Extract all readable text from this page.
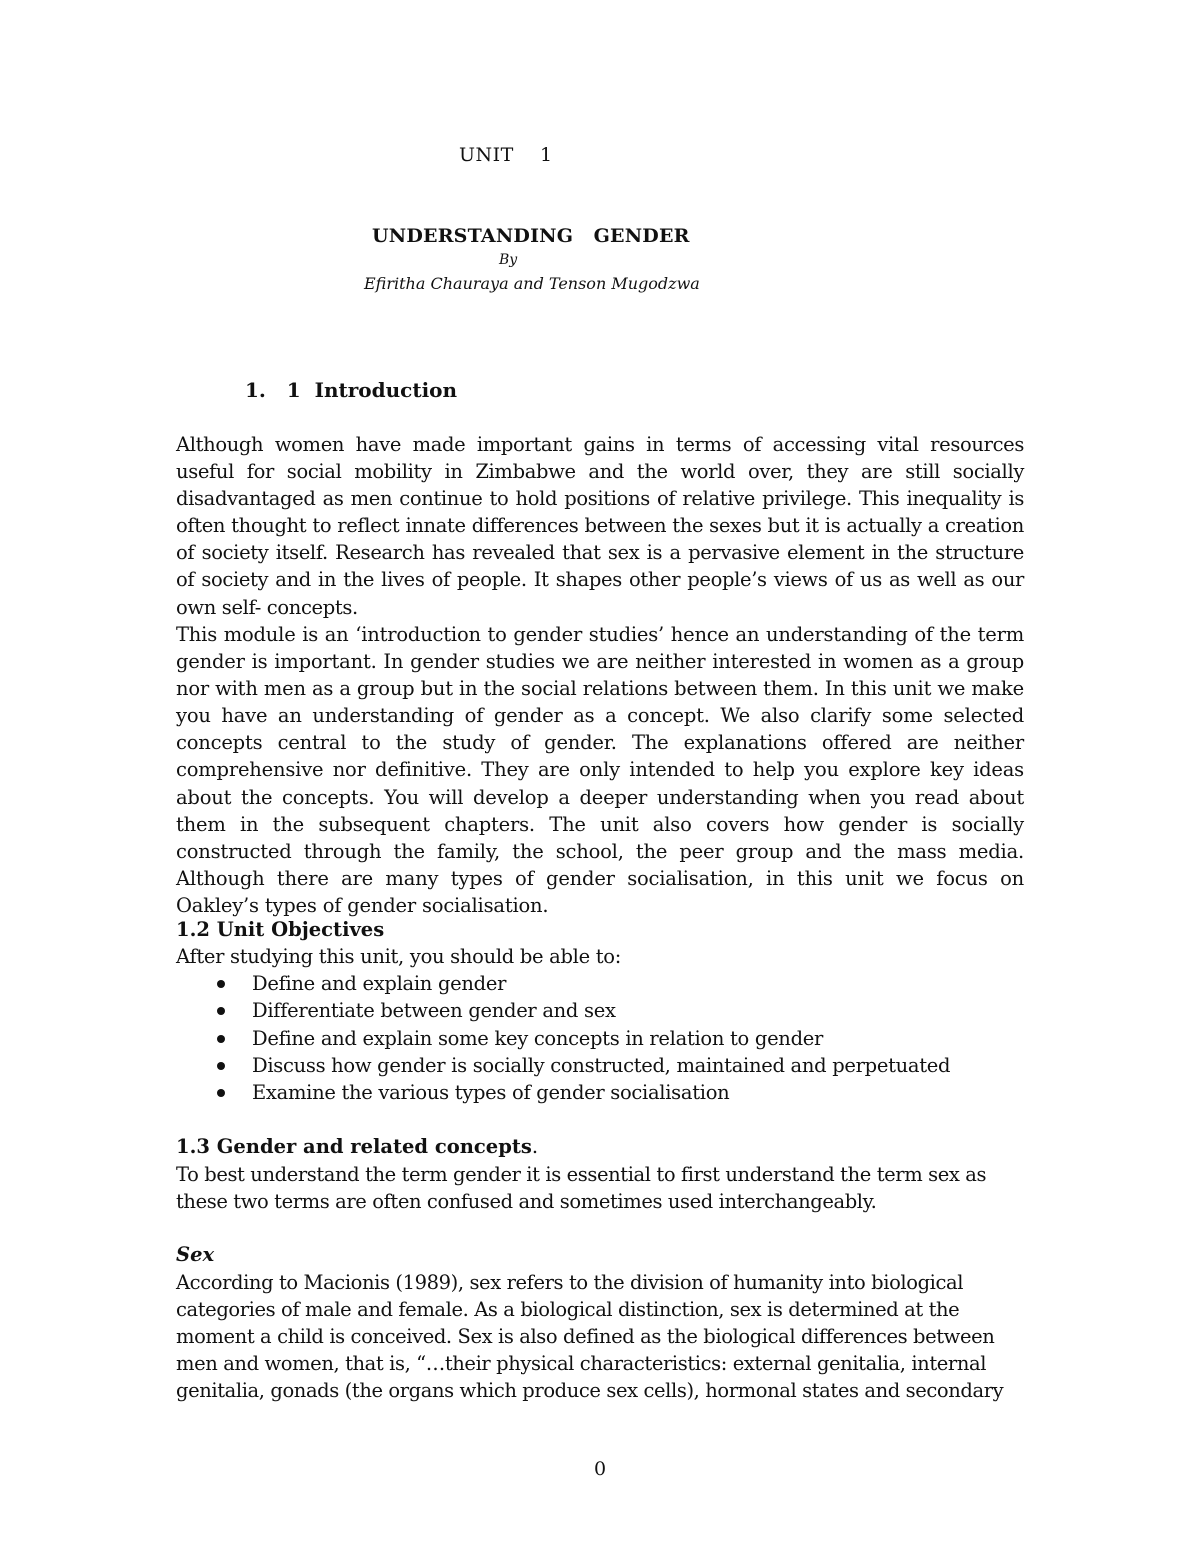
UNIT    1
UNDERSTANDING   GENDER
By
Efiritha Chauraya and Tenson Mugodzwa
1.   1  Introduction
Although women have made important gains in terms of accessing vital resources useful for social mobility in Zimbabwe and the world over, they are still socially disadvantaged as men continue to hold positions of relative privilege. This inequality is often thought to reflect innate differences between the sexes but it is actually a creation of society itself. Research has revealed that sex is a pervasive element in the structure of society and in the lives of people. It shapes other people’s views of us as well as our own self- concepts.
This module is an ‘introduction to gender studies’ hence an understanding of the term gender is important. In gender studies we are neither interested in women as a group nor with men as a group but in the social relations between them. In this unit we make you have an understanding of gender as a concept. We also clarify some selected concepts central to the study of gender. The explanations offered are neither comprehensive nor definitive. They are only intended to help you explore key ideas about the concepts. You will develop a deeper understanding when you read about them in the subsequent chapters. The unit also covers how gender is socially constructed through the family, the school, the peer group and the mass media. Although there are many types of gender socialisation, in this unit we focus on Oakley’s types of gender socialisation.
1.2 Unit Objectives
After studying this unit, you should be able to:
Define and explain gender
Differentiate between gender and sex
Define and explain some key concepts in relation to gender
Discuss how gender is socially constructed, maintained and perpetuated
Examine the various types of gender socialisation
1.3 Gender and related concepts.
To best understand the term gender it is essential to first understand the term sex as these two terms are often confused and sometimes used interchangeably.
Sex
According to Macionis (1989), sex refers to the division of humanity into biological categories of male and female. As a biological distinction, sex is determined at the moment a child is conceived. Sex is also defined as the biological differences between men and women, that is, “…their physical characteristics: external genitalia, internal genitalia, gonads (the organs which produce sex cells), hormonal states and secondary
0
